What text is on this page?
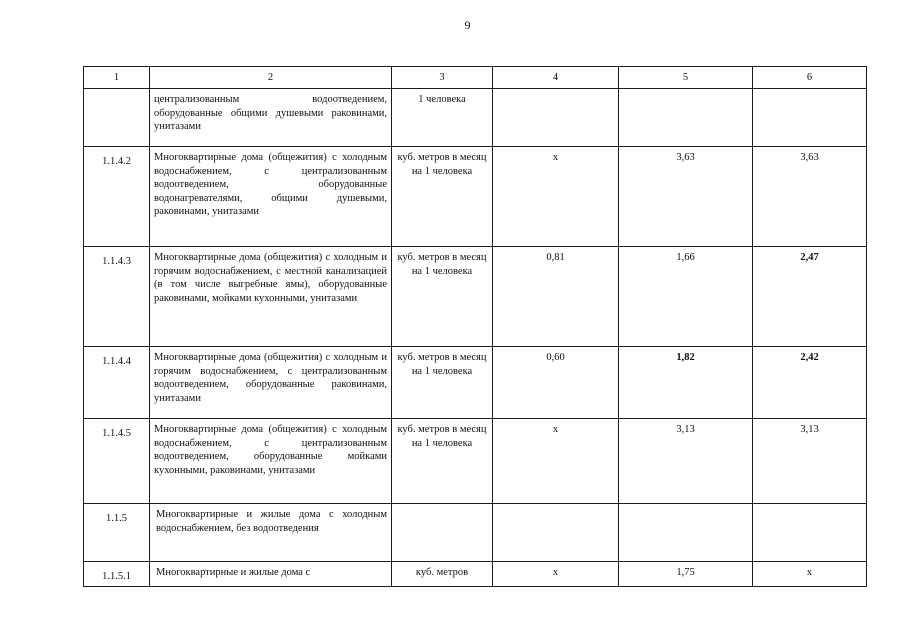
9
1	2	3	4	5	6
	централизованным водоотведением, оборудованные общими душевыми раковинами, унитазами	1 человека			
1.1.4.2	Многоквартирные дома (общежития) с холодным водоснабжением, с централизованным водоотведением, оборудованные водонагревателями, общими душевыми, раковинами, унитазами	куб. метров в месяц на 1 человека	х	3,63	3,63
1.1.4.3	Многоквартирные дома (общежития) с холодным и горячим водоснабжением, с местной канализацией (в том числе выгребные ямы), оборудованные раковинами, мойками кухонными, унитазами	куб. метров в месяц на 1 человека	0,81	1,66	2,47
1.1.4.4	Многоквартирные дома (общежития) с холодным и горячим водоснабжением, с централизованным водоотведением, оборудованные раковинами, унитазами	куб. метров в месяц на 1 человека	0,60	1,82	2,42
1.1.4.5	Многоквартирные дома (общежития) с холодным водоснабжением, с централизованным водоотведением, оборудованные мойками кухонными, раковинами, унитазами	куб. метров в месяц на 1 человека	х	3,13	3,13
1.1.5	Многоквартирные и жилые дома с холодным водоснабжением, без водоотведения				
1.1.5.1	Многоквартирные и жилые дома с	куб. метров	х	1,75	х
